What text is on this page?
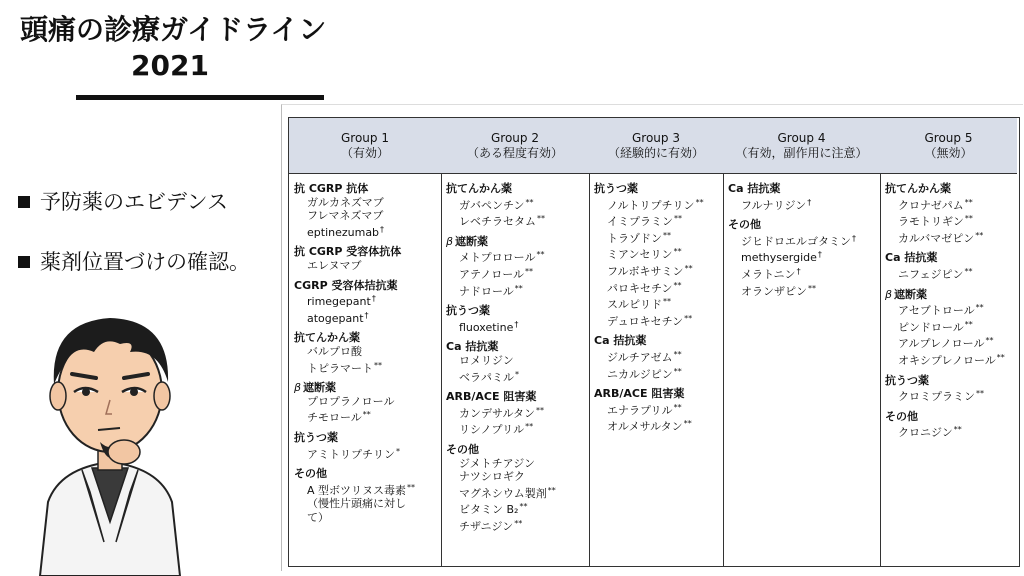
頭痛の診療ガイドライン
2021
予防薬のエビデンス
薬剤位置づけの確認。
Group 1
（有効）
抗 CGRP 抗体
ガルカネズマブ
フレマネズマブ
eptinezumab†
抗 CGRP 受容体抗体
エレヌマブ
CGRP 受容体拮抗薬
rimegepant†
atogepant†
抗てんかん薬
バルプロ酸
トピラマート**
β 遮断薬
プロプラノロール
チモロール**
抗うつ薬
アミトリプチリン*
その他
A 型ボツリヌス毒素**
（慢性片頭痛に対し
て）
Group 2
（ある程度有効）
抗てんかん薬
ガバペンチン**
レベチラセタム**
β 遮断薬
メトプロロール**
アテノロール**
ナドロール**
抗うつ薬
fluoxetine†
Ca 拮抗薬
ロメリジン
ベラパミル*
ARB/ACE 阻害薬
カンデサルタン**
リシノプリル**
その他
ジメトチアジン
ナツシロギク
マグネシウム製剤**
ビタミン B₂**
チザニジン**
Group 3
（経験的に有効）
抗うつ薬
ノルトリプチリン**
イミプラミン**
トラゾドン**
ミアンセリン**
フルボキサミン**
パロキセチン**
スルピリド**
デュロキセチン**
Ca 拮抗薬
ジルチアゼム**
ニカルジピン**
ARB/ACE 阻害薬
エナラプリル**
オルメサルタン**
Group 4
（有効，副作用に注意）
Ca 拮抗薬
フルナリジン†
その他
ジヒドロエルゴタミン†
methysergide†
メラトニン†
オランザピン**
Group 5
（無効）
抗てんかん薬
クロナゼパム**
ラモトリギン**
カルバマゼピン**
Ca 拮抗薬
ニフェジピン**
β 遮断薬
アセブトロール**
ピンドロール**
アルプレノロール**
オキシプレノロール**
抗うつ薬
クロミプラミン**
その他
クロニジン**
